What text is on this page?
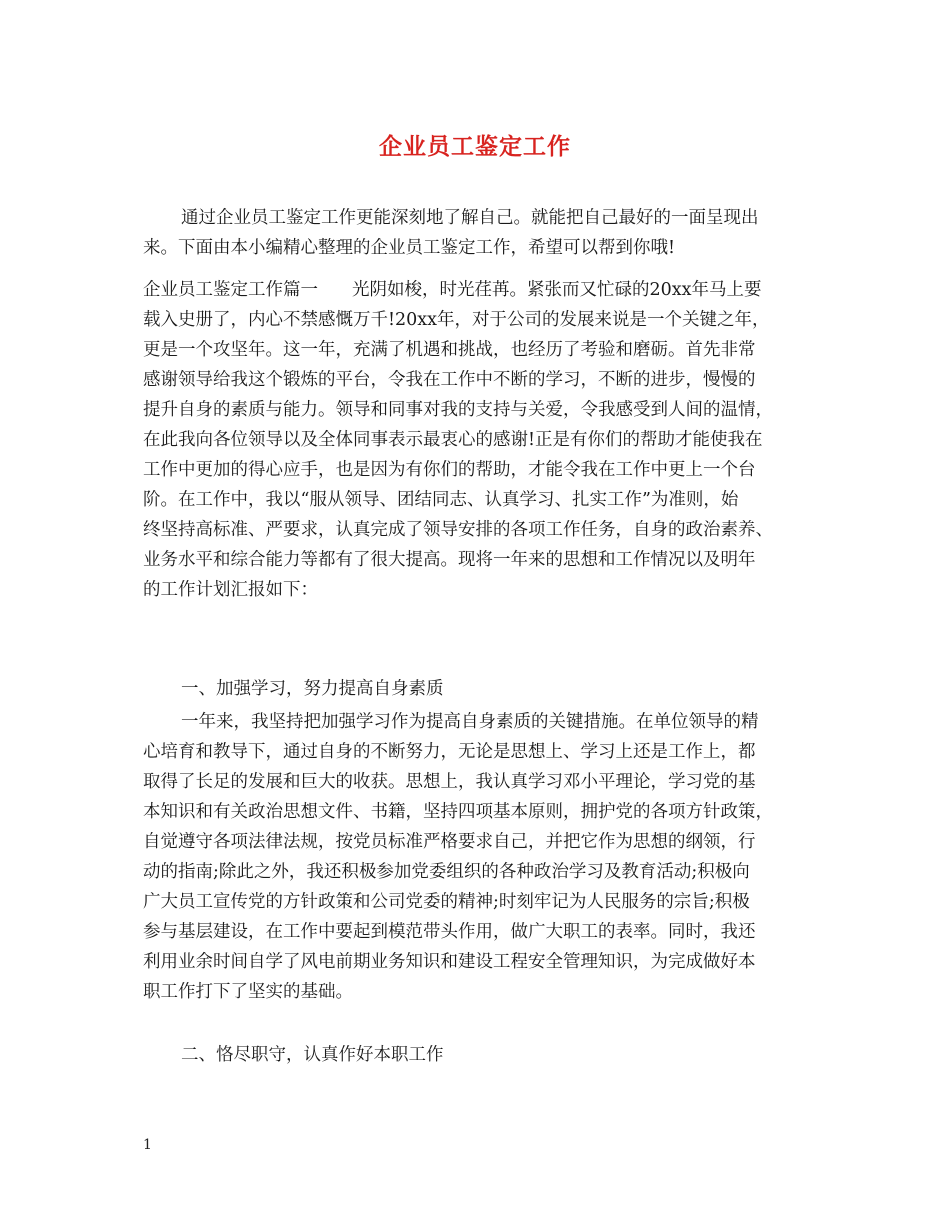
企业员工鉴定工作
通过企业员工鉴定工作更能深刻地了解自己。就能把自己最好的一面呈现出
来。下面由本小编精心整理的企业员工鉴定工作，希望可以帮到你哦!
企业员工鉴定工作篇一 光阴如梭，时光荏苒。紧张而又忙碌的20xx年马上要
载入史册了，内心不禁感慨万千!20xx年，对于公司的发展来说是一个关键之年，
更是一个攻坚年。这一年，充满了机遇和挑战，也经历了考验和磨砺。首先非常
感谢领导给我这个锻炼的平台，令我在工作中不断的学习，不断的进步，慢慢的
提升自身的素质与能力。领导和同事对我的支持与关爱，令我感受到人间的温情，
在此我向各位领导以及全体同事表示最衷心的感谢!正是有你们的帮助才能使我在
工作中更加的得心应手，也是因为有你们的帮助，才能令我在工作中更上一个台
阶。在工作中，我以“服从领导、团结同志、认真学习、扎实工作”为准则，始
终坚持高标准、严要求，认真完成了领导安排的各项工作任务，自身的政治素养、
业务水平和综合能力等都有了很大提高。现将一年来的思想和工作情况以及明年
的工作计划汇报如下：
一、加强学习，努力提高自身素质
一年来，我坚持把加强学习作为提高自身素质的关键措施。在单位领导的精
心培育和教导下，通过自身的不断努力，无论是思想上、学习上还是工作上，都
取得了长足的发展和巨大的收获。思想上，我认真学习邓小平理论，学习党的基
本知识和有关政治思想文件、书籍，坚持四项基本原则，拥护党的各项方针政策，
自觉遵守各项法律法规，按党员标准严格要求自己，并把它作为思想的纲领，行
动的指南;除此之外，我还积极参加党委组织的各种政治学习及教育活动;积极向
广大员工宣传党的方针政策和公司党委的精神;时刻牢记为人民服务的宗旨;积极
参与基层建设，在工作中要起到模范带头作用，做广大职工的表率。同时，我还
利用业余时间自学了风电前期业务知识和建设工程安全管理知识，为完成做好本
职工作打下了坚实的基础。
二、恪尽职守，认真作好本职工作
1
